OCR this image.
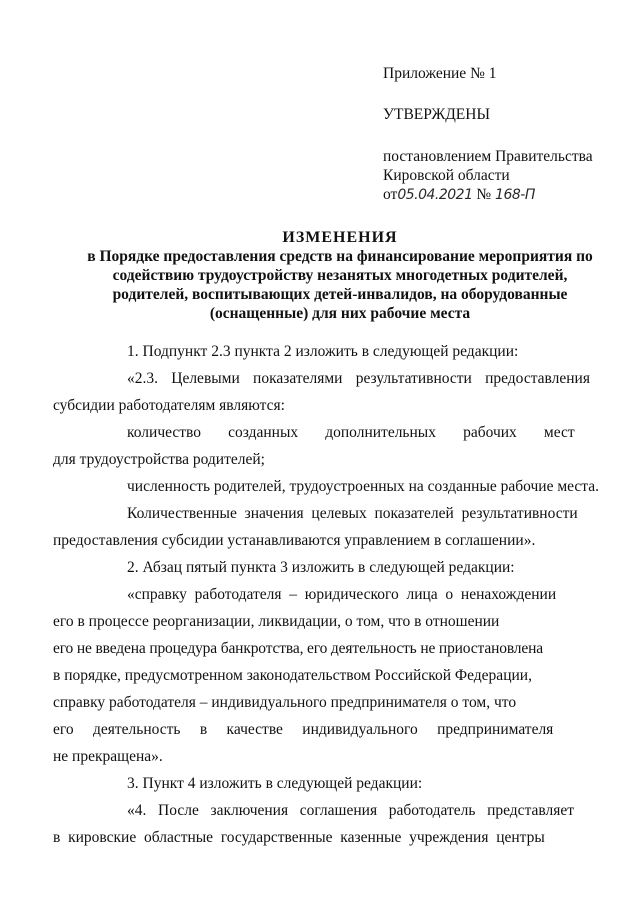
Приложение № 1
УТВЕРЖДЕНЫ
постановлением Правительства
Кировской области
от05.04.2021 № 168-П
ИЗМЕНЕНИЯ
в Порядке предоставления средств на финансирование мероприятия по
содействию трудоустройству незанятых многодетных родителей,
родителей, воспитывающих детей-инвалидов, на оборудованные
(оснащенные) для них рабочие места

1. Подпункт 2.3 пункта 2 изложить в следующей редакции:

«2.3.  Целевыми  показателями  результативности  предоставления

субсидии работодателям являются:

количество       созданных       дополнительных       рабочих       мест

для трудоустройства родителей;

численность родителей, трудоустроенных на созданные рабочие места.

Количественные  значения  целевых  показателей  результативности

предоставления субсидии устанавливаются управлением в соглашении».

2. Абзац пятый пункта 3 изложить в следующей редакции:

«справку  работодателя  –  юридического  лица  о  ненахождении

его в процессе реорганизации, ликвидации, о том, что в отношении

его не введена процедура банкротства, его деятельность не приостановлена

в порядке, предусмотренном законодательством Российской Федерации,

справку работодателя – индивидуального предпринимателя о том, что

его     деятельность     в     качестве     индивидуального     предпринимателя

не прекращена».

3. Пункт 4 изложить в следующей редакции:

«4.   После   заключения   соглашения   работодатель   представляет

в  кировские  областные  государственные  казенные  учреждения  центры
